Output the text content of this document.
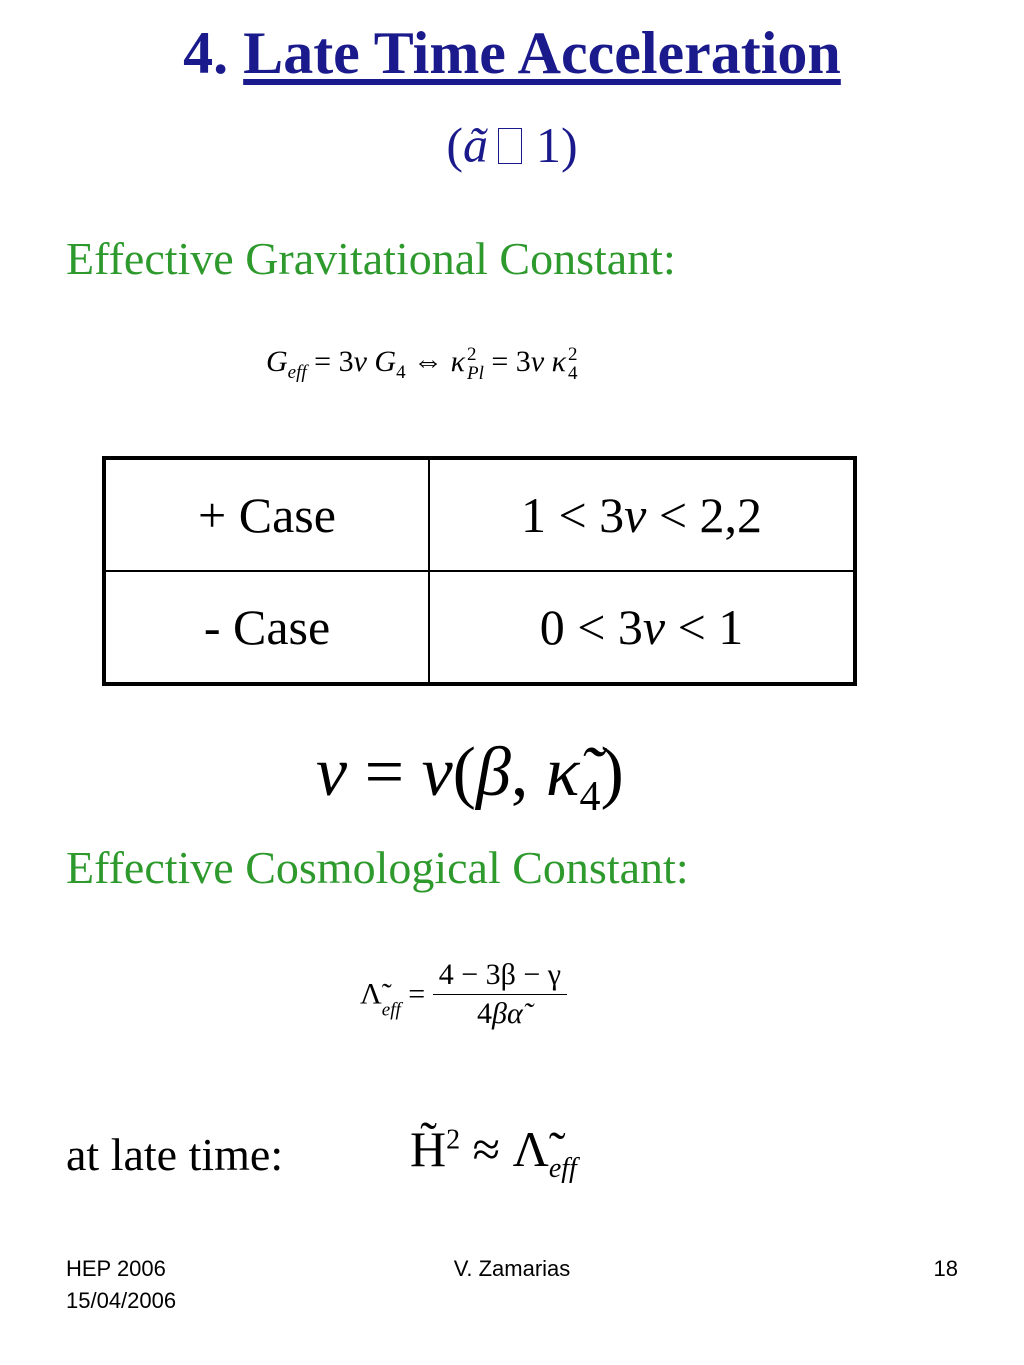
4. Late Time Acceleration
(ã 1)
Effective Gravitational Constant:
$G_{eff} = 3\nu$ $G_4$ ⇔ κ 2
Pl = 3ν κ 2
4
+ Case	1 < 3v < 2,2
- Case	0 < 3v < 1
ν = ν(β, $\kappã_4$)
Effective Cosmological Constant:
$\Lambdã_{eff} = \frac{4 - 3\beta - \gamma}{4\beta\alphã}$
at late time:	H̃$^2$ ≈ $\Lambdã_{eff}$
HEP 2006
15/04/2006
V. Zamarias	18
